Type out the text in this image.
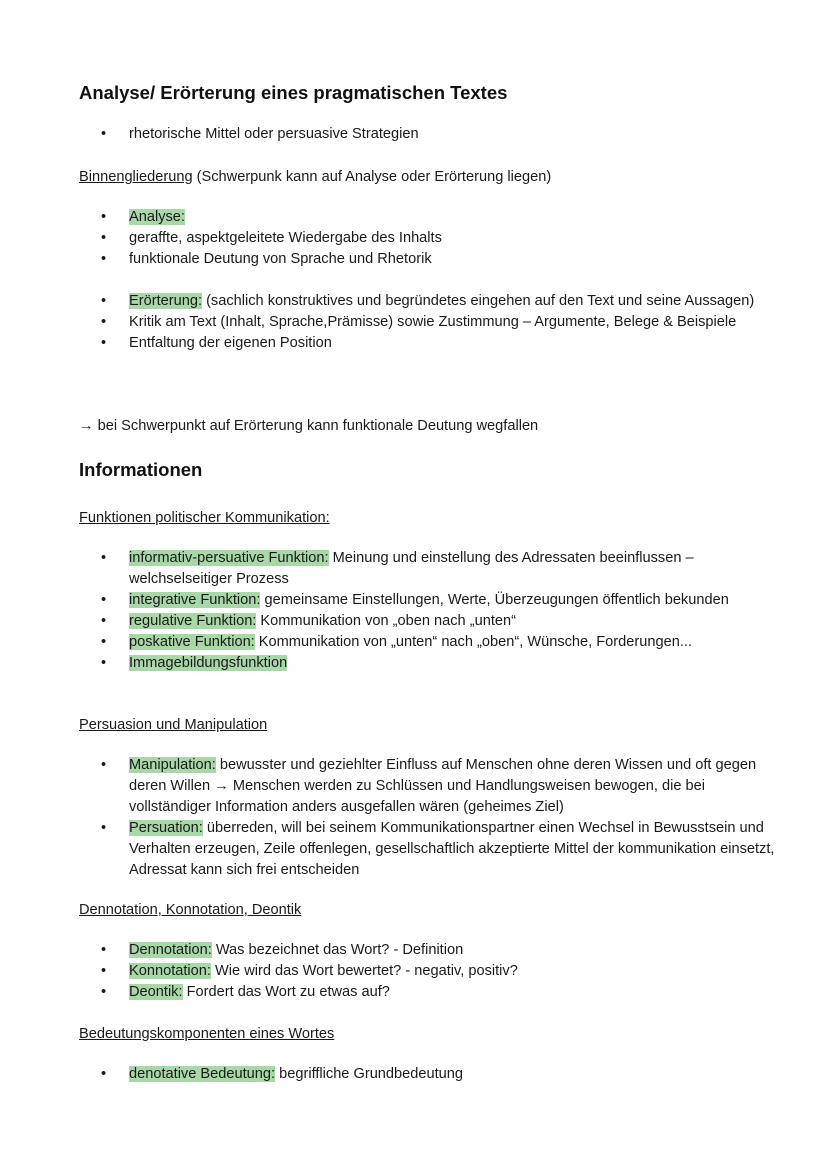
Analyse/ Erörterung eines pragmatischen Textes
• rhetorische Mittel oder persuasive Strategien
Binnengliederung (Schwerpunk kann auf Analyse oder Erörterung liegen)
• Analyse:
• geraffte, aspektgeleitete Wiedergabe des Inhalts
• funktionale Deutung von Sprache und Rhetorik
• Erörterung: (sachlich konstruktives und begründetes eingehen auf den Text und seine Aussagen)
• Kritik am Text (Inhalt, Sprache,Prämisse) sowie Zustimmung – Argumente, Belege & Beispiele
• Entfaltung der eigenen Position
→ bei Schwerpunkt auf Erörterung kann funktionale Deutung wegfallen
Informationen
Funktionen politischer Kommunikation:
• informativ-persuative Funktion: Meinung und einstellung des Adressaten beeinflussen – welchselseitiger Prozess
• integrative Funktion: gemeinsame Einstellungen, Werte, Überzeugungen öffentlich bekunden
• regulative Funktion: Kommunikation von „oben nach „unten“
• poskative Funktion: Kommunikation von „unten“ nach „oben“, Wünsche, Forderungen...
• Immagebildungsfunktion
Persuasion und Manipulation
• Manipulation: bewusster und geziehlter Einfluss auf Menschen ohne deren Wissen und oft gegen deren Willen → Menschen werden zu Schlüssen und Handlungsweisen bewogen, die bei vollständiger Information anders ausgefallen wären (geheimes Ziel)
• Persuation: überreden, will bei seinem Kommunikationspartner einen Wechsel in Bewusstsein und Verhalten erzeugen, Zeile offenlegen, gesellschaftlich akzeptierte Mittel der kommunikation einsetzt, Adressat kann sich frei entscheiden
Dennotation, Konnotation, Deontik
• Dennotation: Was bezeichnet das Wort? - Definition
• Konnotation: Wie wird das Wort bewertet? - negativ, positiv?
• Deontik: Fordert das Wort zu etwas auf?
Bedeutungskomponenten eines Wortes
• denotative Bedeutung: begriffliche Grundbedeutung
